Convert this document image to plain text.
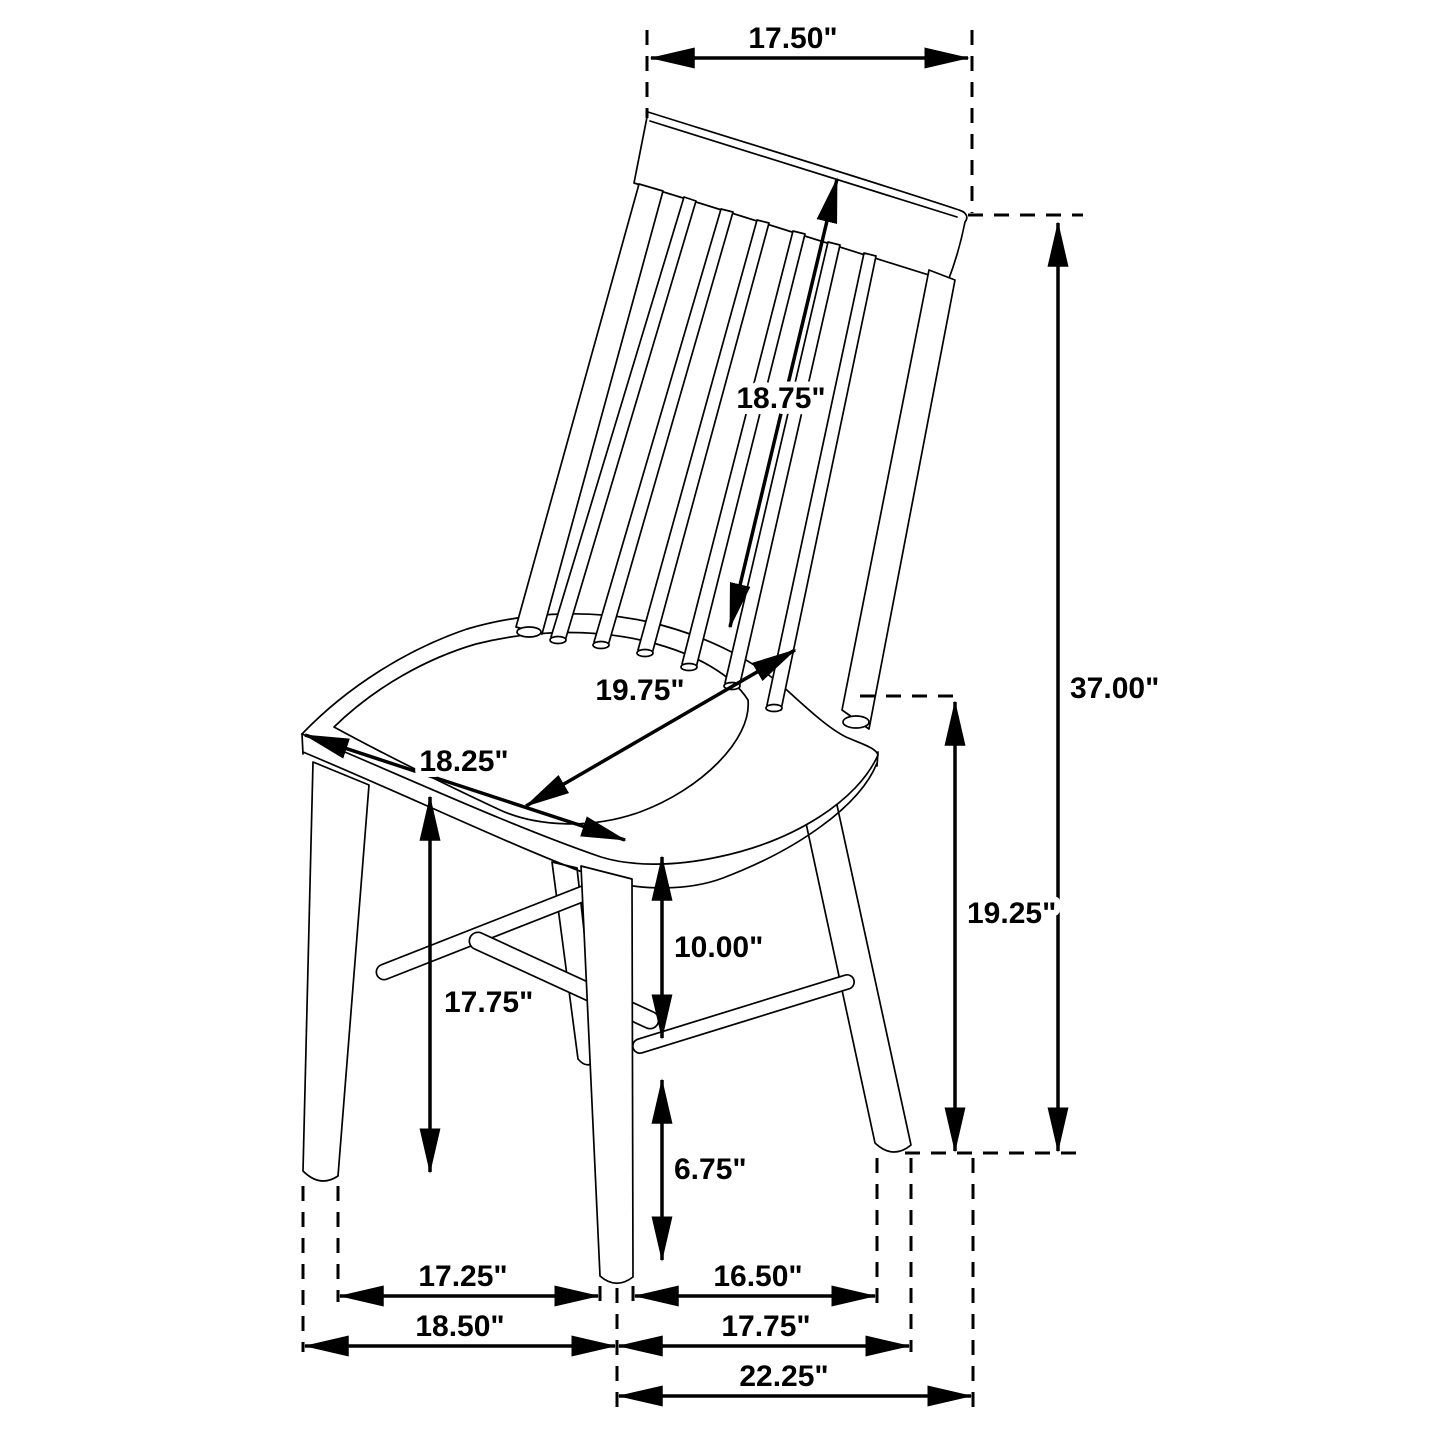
17.50"
18.75"
19.75"
18.25"
37.00"
19.25"
17.75"
10.00"
6.75"
17.25"	16.50"
18.50"	17.75"
22.25"
